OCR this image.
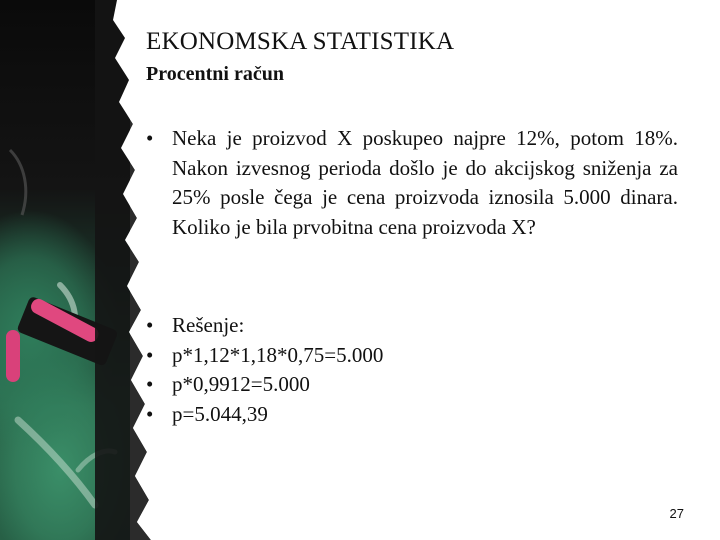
EKONOMSKA STATISTIKA
Procentni račun
• Neka je proizvod X poskupeo najpre 12%, potom 18%. Nakon izvesnog perioda došlo je do akcijskog sniženja za 25% posle čega je cena proizvoda iznosila 5.000 dinara. Koliko je bila prvobitna cena proizvoda X?
• Rešenje:
• p*1,12*1,18*0,75=5.000
• p*0,9912=5.000
• p=5.044,39
27
